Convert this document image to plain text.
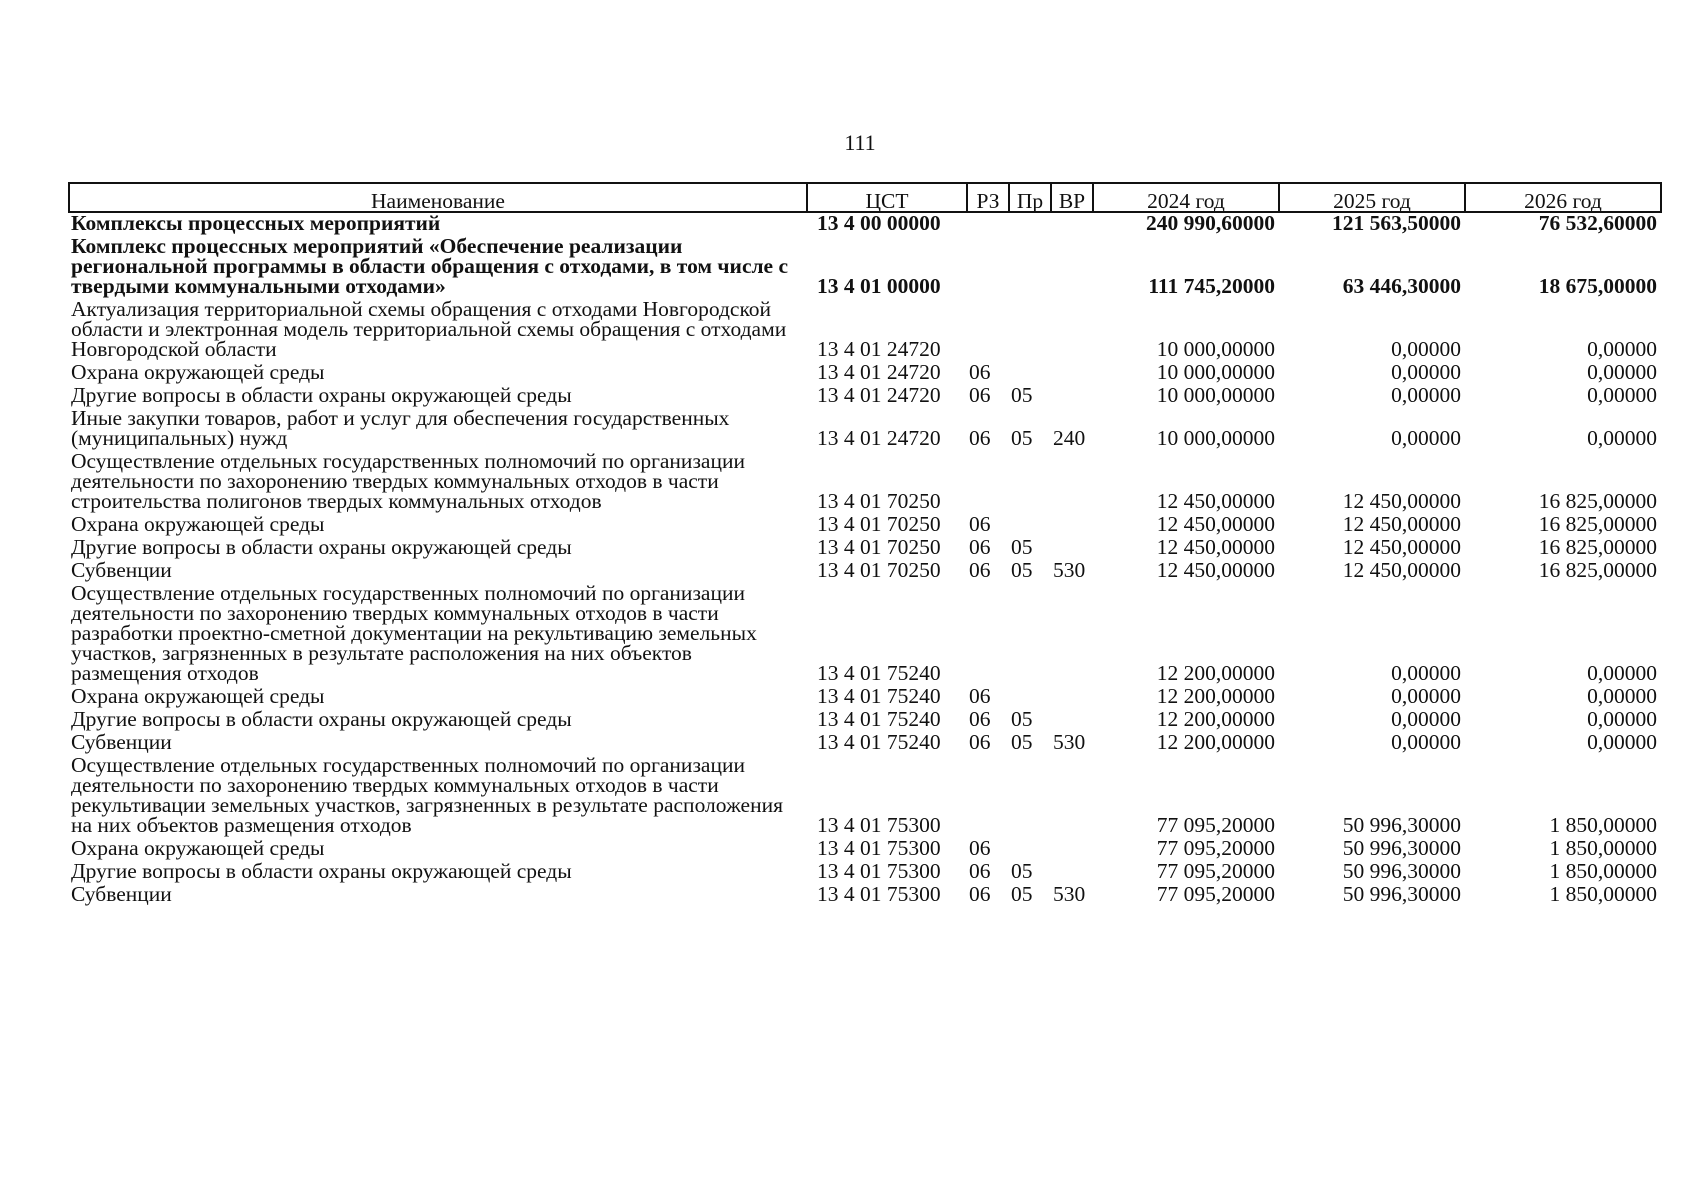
111
Наименование	ЦСТ	РЗ	Пр	ВР	2024 год	2025 год	2026 год
Комплексы процессных мероприятий	13 4 00 00000				240 990,60000	121 563,50000	76 532,60000
Комплекс процессных мероприятий «Обеспечение реализации региональной программы в области обращения с отходами, в том числе с твердыми коммунальными отходами»	13 4 01 00000				111 745,20000	63 446,30000	18 675,00000
Актуализация территориальной схемы обращения с отходами Новгородской области и электронная модель территориальной схемы обращения с отходами Новгородской области	13 4 01 24720				10 000,00000	0,00000	0,00000
Охрана окружающей среды	13 4 01 24720	06			10 000,00000	0,00000	0,00000
Другие вопросы в области охраны окружающей среды	13 4 01 24720	06	05		10 000,00000	0,00000	0,00000
Иные закупки товаров, работ и услуг для обеспечения государственных (муниципальных) нужд	13 4 01 24720	06	05	240	10 000,00000	0,00000	0,00000
Осуществление отдельных государственных полномочий по организации деятельности по захоронению твердых коммунальных отходов в части строительства полигонов твердых коммунальных отходов	13 4 01 70250				12 450,00000	12 450,00000	16 825,00000
Охрана окружающей среды	13 4 01 70250	06			12 450,00000	12 450,00000	16 825,00000
Другие вопросы в области охраны окружающей среды	13 4 01 70250	06	05		12 450,00000	12 450,00000	16 825,00000
Субвенции	13 4 01 70250	06	05	530	12 450,00000	12 450,00000	16 825,00000
Осуществление отдельных государственных полномочий по организации деятельности по захоронению твердых коммунальных отходов в части разработки проектно-сметной документации на рекультивацию земельных участков, загрязненных в результате расположения на них объектов размещения отходов	13 4 01 75240				12 200,00000	0,00000	0,00000
Охрана окружающей среды	13 4 01 75240	06			12 200,00000	0,00000	0,00000
Другие вопросы в области охраны окружающей среды	13 4 01 75240	06	05		12 200,00000	0,00000	0,00000
Субвенции	13 4 01 75240	06	05	530	12 200,00000	0,00000	0,00000
Осуществление отдельных государственных полномочий по организации деятельности по захоронению твердых коммунальных отходов в части рекультивации земельных участков, загрязненных в результате расположения на них объектов размещения отходов	13 4 01 75300				77 095,20000	50 996,30000	1 850,00000
Охрана окружающей среды	13 4 01 75300	06			77 095,20000	50 996,30000	1 850,00000
Другие вопросы в области охраны окружающей среды	13 4 01 75300	06	05		77 095,20000	50 996,30000	1 850,00000
Субвенции	13 4 01 75300	06	05	530	77 095,20000	50 996,30000	1 850,00000
